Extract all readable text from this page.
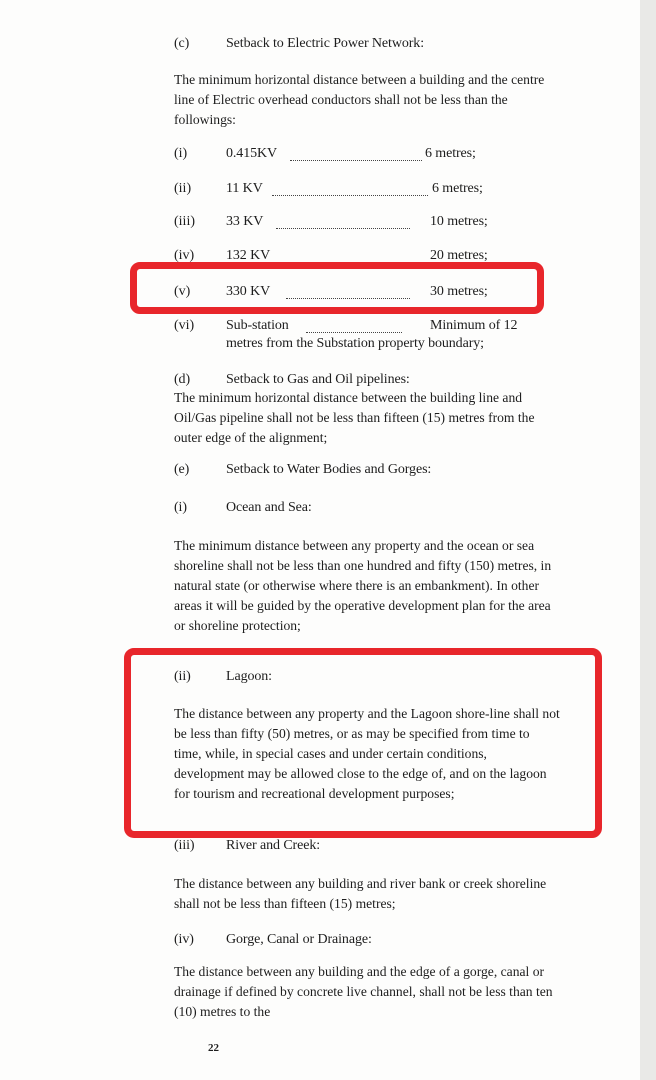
(c)	Setback to Electric Power Network:
The minimum horizontal distance between a building and the centre line of Electric overhead conductors shall not be less than the followings:
(i)	0.415KV	6 metres;
(ii) 11 KV	6 metres;
(iii) 33 KV	10 metres;
(iv) 132 KV	20 metres;
(v)	330 KV	30 metres;
(vi) Sub-station	Minimum of 12
metres from the Substation property boundary;
(d)	Setback to Gas and Oil pipelines:
The minimum horizontal distance between the building line and Oil/Gas pipeline shall not be less than fifteen (15) metres from the outer edge of the alignment;
(e)	Setback to Water Bodies and Gorges:
(i)	Ocean and Sea:
The minimum distance between any property and the ocean or sea shoreline shall not be less than one hundred and fifty (150) metres, in natural state (or otherwise where there is an embankment). In other areas it will be guided by the operative development plan for the area or shoreline protection;
(ii)	Lagoon:
The distance between any property and the Lagoon shore-line shall not be less than fifty (50) metres, or as may be specified from time to time, while, in special cases and under certain conditions, development may be allowed close to the edge of, and on the lagoon for tourism and recreational development purposes;
(iii) River and Creek:
The distance between any building and river bank or creek shoreline shall not be less than fifteen (15) metres;
(iv) Gorge, Canal or Drainage:
The distance between any building and the edge of a gorge, canal or drainage if defined by concrete live channel, shall not be less than ten (10) metres to the
22
